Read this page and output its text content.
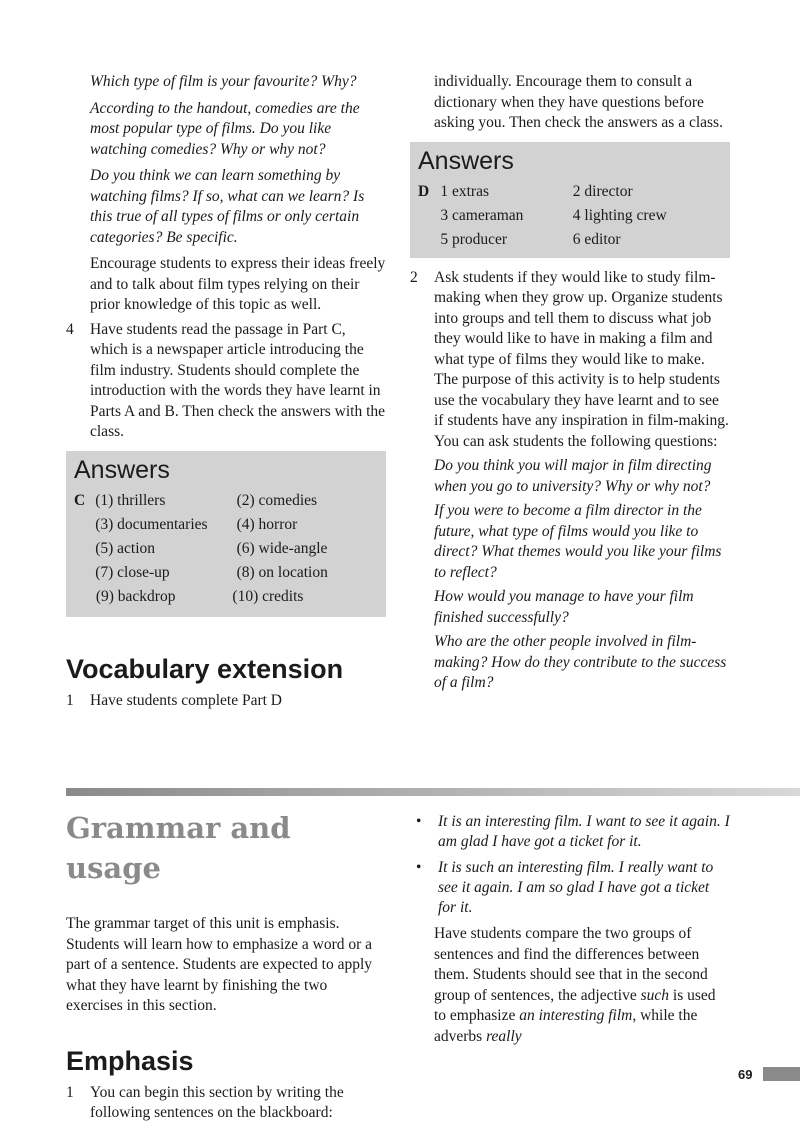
Which type of film is your favourite? Why?

According to the handout, comedies are the most popular type of films. Do you like watching comedies? Why or why not?

Do you think we can learn something by watching films? If so, what can we learn? Is this true of all types of films or only certain categories? Be specific.

Encourage students to express their ideas freely and to talk about film types relying on their prior knowledge of this topic as well.

4 Have students read the passage in Part C, which is a newspaper article introducing the film industry. Students should complete the introduction with the words they have learnt in Parts A and B. Then check the answers with the class.
Answers
C (1) thrillers	(2) comedies
(3) documentaries	(4) horror
(5) action	(6) wide-angle
(7) close-up	(8) on location
(9) backdrop	(10) credits
Vocabulary extension
1 Have students complete Part D

individually. Encourage them to consult a dictionary when they have questions before asking you. Then check the answers as a class.

Answers
D 1 extras	2 director
3 cameraman	4 lighting crew
5 producer	6 editor
2 Ask students if they would like to study film-making when they grow up. Organize students into groups and tell them to discuss what job they would like to have in making a film and what type of films they would like to make. The purpose of this activity is to help students use the vocabulary they have learnt and to see if students have any inspiration in film-making. You can ask students the following questions:

Do you think you will major in film directing when you go to university? Why or why not?

If you were to become a film director in the future, what type of films would you like to direct? What themes would you like your films to reflect?

How would you manage to have your film finished successfully?

Who are the other people involved in film-making? How do they contribute to the success of a film?

Grammar and usage

The grammar target of this unit is emphasis. Students will learn how to emphasize a word or a part of a sentence. Students are expected to apply what they have learnt by finishing the two exercises in this section.

Emphasis
1 You can begin this section by writing the following sentences on the blackboard:
• It is an interesting film. I want to see it again. I am glad I have got a ticket for it.
• It is such an interesting film. I really want to see it again. I am so glad I have got a ticket for it.

Have students compare the two groups of sentences and find the differences between them. Students should see that in the second group of sentences, the adjective such is used to emphasize an interesting film, while the adverbs really

69
